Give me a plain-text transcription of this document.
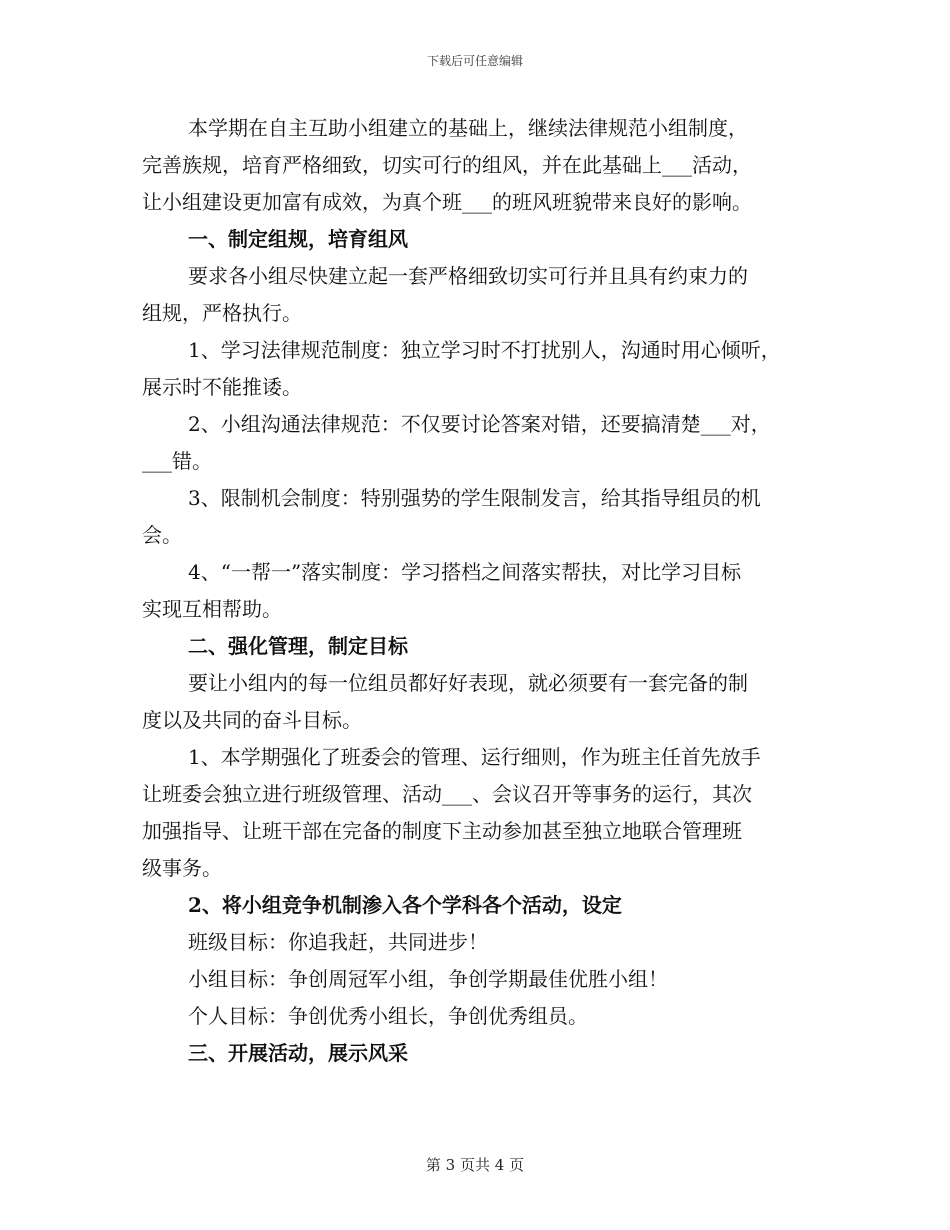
下载后可任意编辑
本学期在自主互助小组建立的基础上，继续法律规范小组制度，
完善族规，培育严格细致，切实可行的组风，并在此基础上___活动，
让小组建设更加富有成效，为真个班___的班风班貌带来良好的影响。
一、制定组规，培育组风
要求各小组尽快建立起一套严格细致切实可行并且具有约束力的
组规，严格执行。
1、学习法律规范制度：独立学习时不打扰别人，沟通时用心倾听，
展示时不能推诿。
2、小组沟通法律规范：不仅要讨论答案对错，还要搞清楚___对，
___错。
3、限制机会制度：特别强势的学生限制发言，给其指导组员的机
会。
4、“一帮一”落实制度：学习搭档之间落实帮扶，对比学习目标
实现互相帮助。
二、强化管理，制定目标
要让小组内的每一位组员都好好表现，就必须要有一套完备的制
度以及共同的奋斗目标。
1、本学期强化了班委会的管理、运行细则，作为班主任首先放手
让班委会独立进行班级管理、活动___、会议召开等事务的运行，其次
加强指导、让班干部在完备的制度下主动参加甚至独立地联合管理班
级事务。
2、将小组竞争机制渗入各个学科各个活动，设定
班级目标：你追我赶，共同进步！
小组目标：争创周冠军小组，争创学期最佳优胜小组！
个人目标：争创优秀小组长，争创优秀组员。
三、开展活动，展示风采
第 3 页共 4 页
